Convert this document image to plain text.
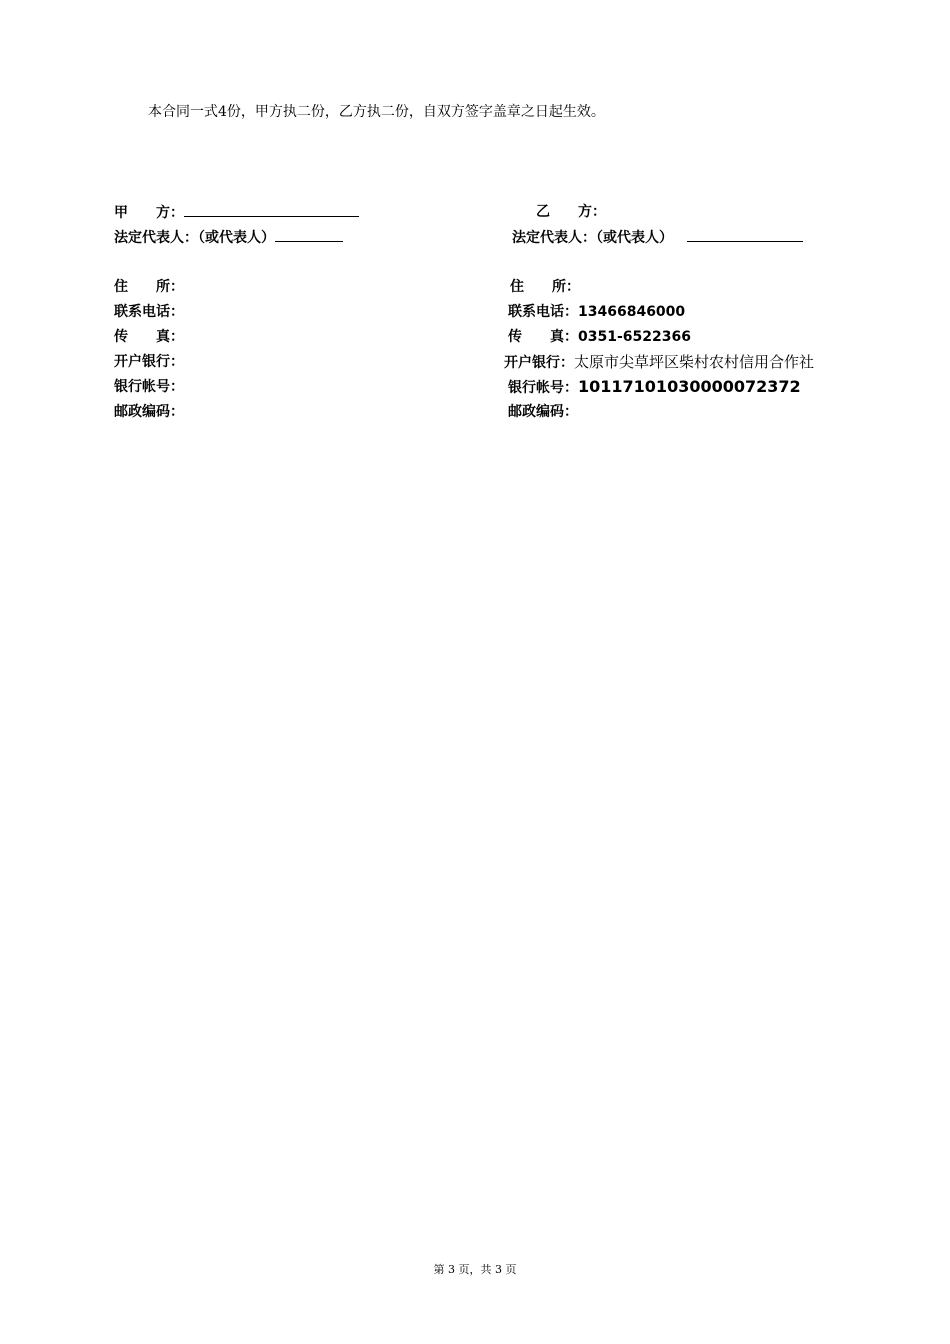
本合同一式4份，甲方执二份，乙方执二份，自双方签字盖章之日起生效。
甲　　方：
法定代表人：（或代表人）
住　　所：
联系电话：
传　　真：
开户银行：
银行帐号：
邮政编码：
乙　　方：
法定代表人：（或代表人）
住　　所：
联系电话：13466846000
传　　真：0351-6522366
开户银行：太原市尖草坪区柴村农村信用合作社
银行帐号：10117101030000072372
邮政编码：
第 3 页，共 3 页
